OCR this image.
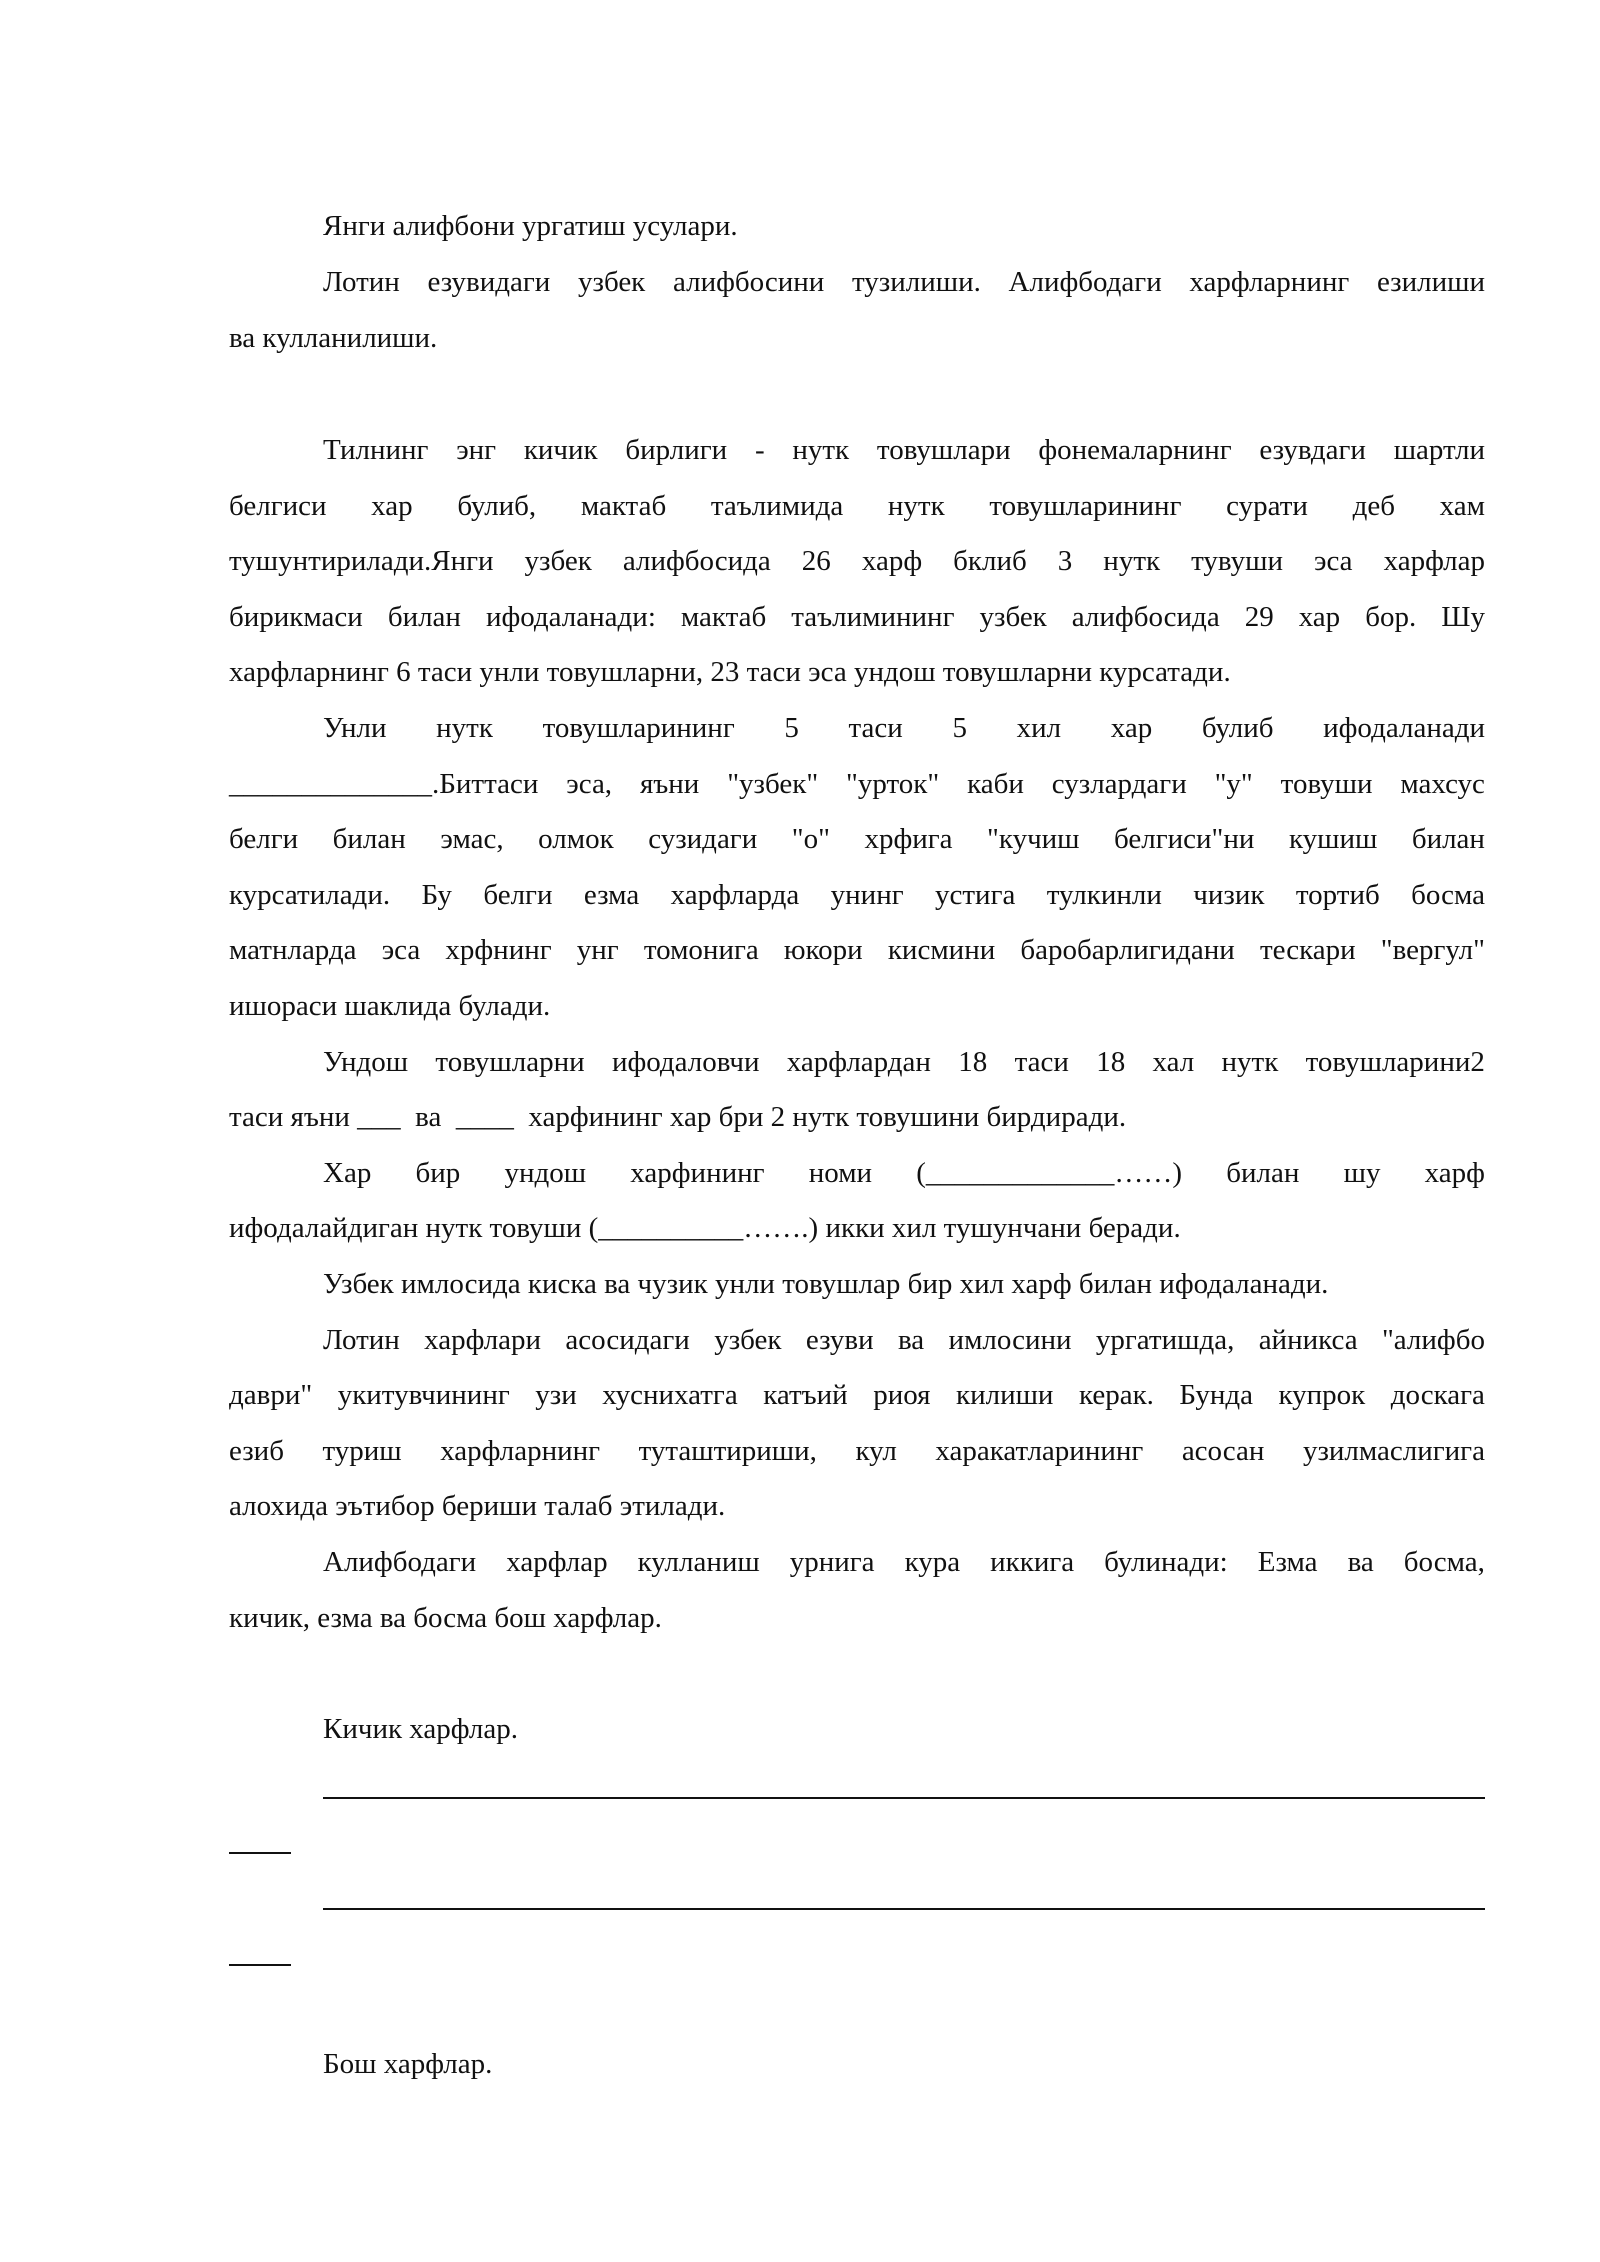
Янги алифбони ургатиш усулари.
Лотин езувидаги узбек алифбосини тузилиши. Алифбодаги харфларнинг езилиши
ва кулланилиши.
Тилнинг энг кичик бирлиги - нутк товушлари фонемаларнинг езувдаги шартли
белгиси хар булиб, мактаб таълимида нутк товушларининг сурати деб хам
тушунтирилади.Янги узбек алифбосида 26 харф бклиб 3 нутк тувуши эса харфлар
бирикмаси билан ифодаланади: мактаб таълимининг узбек алифбосида 29 хар бор. Шу
харфларнинг 6 таси унли товушларни, 23 таси эса ундош товушларни курсатади.
Унли нутк товушларининг 5 таси 5 хил хар булиб ифодаланади
______________.Биттаси эса, яъни "узбек" "урток" каби сузлардаги "у" товуши махсус
белги билан эмас, олмок сузидаги "о" хрфига "кучиш белгиси"ни кушиш билан
курсатилади. Бу белги езма харфларда унинг устига тулкинли чизик тортиб босма
матнларда эса хрфнинг унг томонига юкори кисмини баробарлигидани тескари "вергул"
ишораси шаклида булади.
Ундош товушларни ифодаловчи харфлардан 18 таси 18 хал нутк товушларини2
таси яъни ___  ва  ____  харфининг хар бри 2 нутк товушини бирдиради.
Хар бир ундош харфининг номи (_____________……) билан шу харф
ифодалайдиган нутк товуши (__________…….) икки хил тушунчани беради.
Узбек имлосида киска ва чузик унли товушлар бир хил харф билан ифодаланади.
Лотин харфлари асосидаги узбек езуви ва имлосини ургатишда, айникса "алифбо
даври" укитувчининг узи хуснихатга катъий риоя килиши керак. Бунда купрок доскага
езиб туриш харфларнинг туташтириши, кул харакатларининг асосан узилмаслигига
алохида эътибор бериши талаб этилади.
Алифбодаги харфлар кулланиш урнига кура иккига булинади: Езма ва босма,
кичик, езма ва босма бош харфлар.
Кичик харфлар.
Бош харфлар.
